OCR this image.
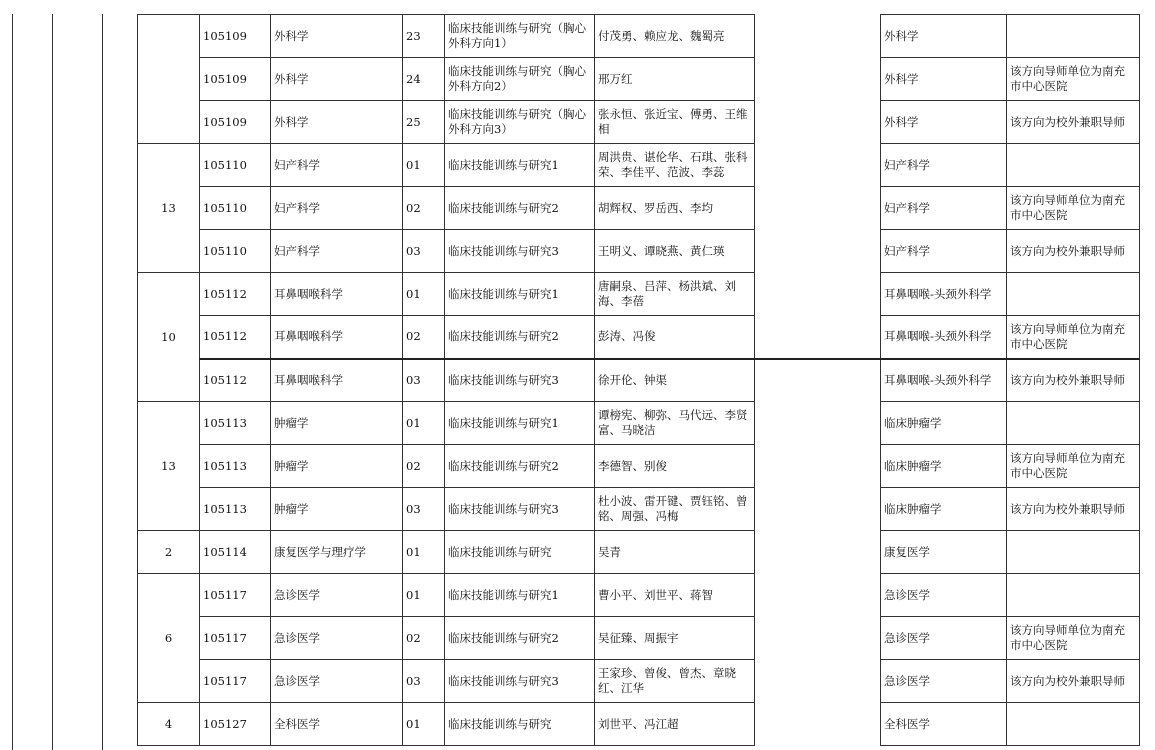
	105109	外科学	23	临床技能训练与研究（胸心外科方向1）	付茂勇、赖应龙、魏蜀亮		外科学	
	105109	外科学	24	临床技能训练与研究（胸心外科方向2）	邢万红		外科学	该方向导师单位为南充市中心医院
	105109	外科学	25	临床技能训练与研究（胸心外科方向3）	张永恒、张近宝、傅勇、王维相		外科学	该方向为校外兼职导师
13	105110	妇产科学	01	临床技能训练与研究1	周洪贵、谌伦华、石琪、张科荣、李佳平、范波、李蕊		妇产科学	
	105110	妇产科学	02	临床技能训练与研究2	胡辉权、罗岳西、李均		妇产科学	该方向导师单位为南充市中心医院
	105110	妇产科学	03	临床技能训练与研究3	王明义、谭晓燕、黄仁瑛		妇产科学	该方向为校外兼职导师
10	105112	耳鼻咽喉科学	01	临床技能训练与研究1	唐嗣泉、吕萍、杨洪斌、刘海、李蓓		耳鼻咽喉-头颈外科学	
	105112	耳鼻咽喉科学	02	临床技能训练与研究2	彭涛、冯俊		耳鼻咽喉-头颈外科学	该方向导师单位为南充市中心医院
	105112	耳鼻咽喉科学	03	临床技能训练与研究3	徐开伦、钟渠		耳鼻咽喉-头颈外科学	该方向为校外兼职导师
13	105113	肿瘤学	01	临床技能训练与研究1	谭榜宪、柳弥、马代远、李贤富、马晓洁		临床肿瘤学	
	105113	肿瘤学	02	临床技能训练与研究2	李德智、别俊		临床肿瘤学	该方向导师单位为南充市中心医院
	105113	肿瘤学	03	临床技能训练与研究3	杜小波、雷开键、贾钰铭、曾铭、周强、冯梅		临床肿瘤学	该方向为校外兼职导师
2	105114	康复医学与理疗学	01	临床技能训练与研究	吴青		康复医学	
6	105117	急诊医学	01	临床技能训练与研究1	曹小平、刘世平、蒋智		急诊医学	
	105117	急诊医学	02	临床技能训练与研究2	吴征臻、周振宇		急诊医学	该方向导师单位为南充市中心医院
	105117	急诊医学	03	临床技能训练与研究3	王家珍、曾俊、曾杰、章晓红、江华		急诊医学	该方向为校外兼职导师
4	105127	全科医学	01	临床技能训练与研究	刘世平、冯江超		全科医学	
